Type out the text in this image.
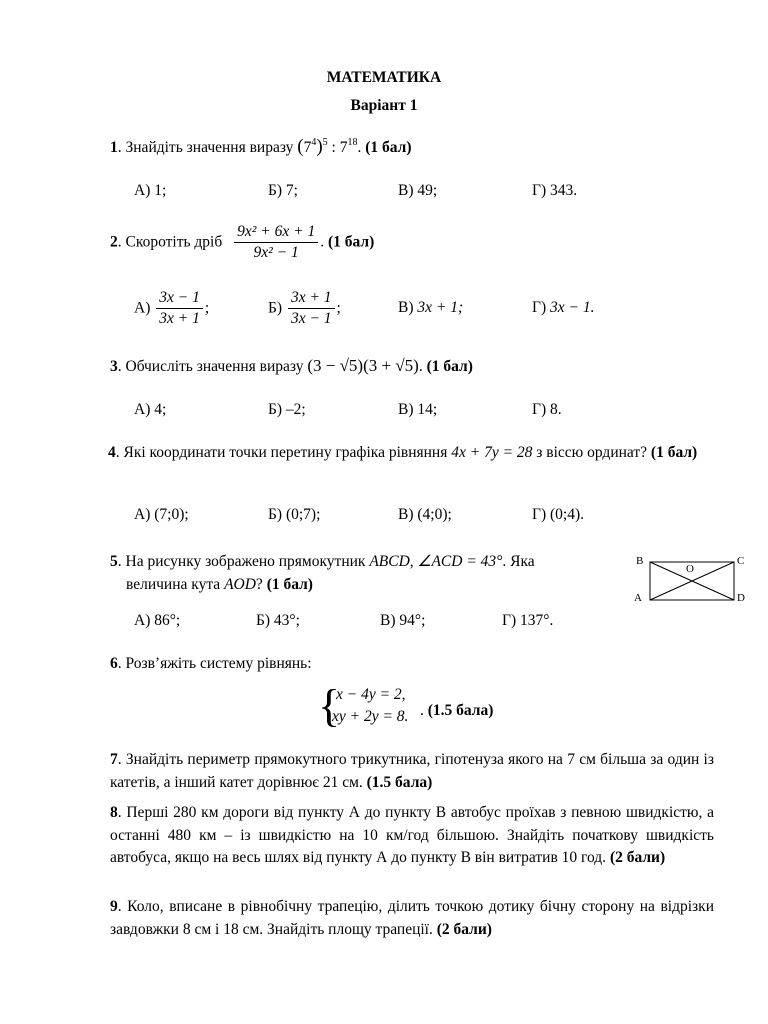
МАТЕМАТИКА
Варіант 1
1. Знайдіть значення виразу $(7^4)^5$ : $7^{18}$. (1 бал)
А) 1;	Б) 7;	В) 49;	Г) 343.
2. Скоротіть дріб $\frac{\text{9x² + 6x + 1}}{\text{9x² − 1}}$ . (1 бал)
$А) \frac{3x - 1}{3x + 1}$ ;	$Б) \frac{3x + 1}{3x - 1}$ ;	В) 3x + 1;	Г) 3x − 1.
3. Обчисліть значення виразу (3 − √5)(3 + √5). (1 бал)
А) 4;	Б) –2;	В) 14;	Г) 8.
4. Які координати точки перетину графіка рівняння 4x + 7y = 28 з віссю ординат? (1 бал)
А) (7;0);	Б) (0;7);	В) (4;0);	Г) (0;4).
5. На рисунку зображено прямокутник ABCD, ∠ACD = 43°. Яка
величина кута AOD? (1 бал)
B	C
A	D
O
А) 86°;	Б) 43°;	В) 94°;	Г) 137°.
6. Розв’яжіть систему рівнянь:
{
x − 4y = 2,
xy + 2y = 8. . (1.5 бала)
7. Знайдіть периметр прямокутного трикутника, гіпотенуза якого на 7 см більша за один із катетів, а інший катет дорівнює 21 см. (1.5 бала)
8. Перші 280 км дороги від пункту А до пункту В автобус проїхав з певною швидкістю, а останні 480 км – із швидкістю на 10 км/год більшою. Знайдіть початкову швидкість автобуса, якщо на весь шлях від пункту А до пункту В він витратив 10 год. (2 бали)
9. Коло, вписане в рівнобічну трапецію, ділить точкою дотику бічну сторону на відрізки завдовжки 8 см і 18 см. Знайдіть площу трапеції. (2 бали)
